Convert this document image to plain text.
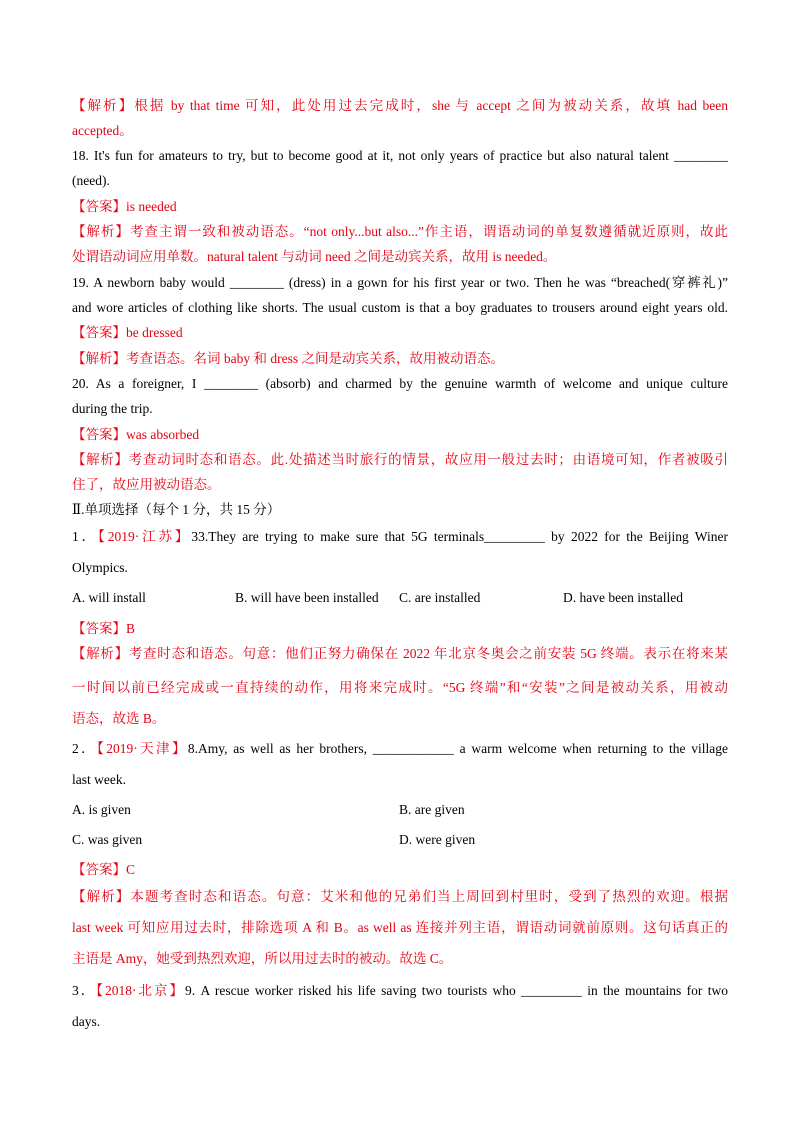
【解析】根据 by that time 可知，此处用过去完成时，she 与 accept 之间为被动关系，故填 had been
accepted。
18. It's fun for amateurs to try, but to become good at it, not only years of practice but also natural talent ________
(need).
【答案】is needed
【解析】考查主谓一致和被动语态。“not only...but also...”作主语，谓语动词的单复数遵循就近原则，故此
处谓语动词应用单数。natural talent 与动词 need 之间是动宾关系，故用 is needed。
19. A newborn baby would ________ (dress) in a gown for his first year or two. Then he was “breached(穿裤礼)”
and wore articles of clothing like shorts. The usual custom is that a boy graduates to trousers around eight years old.
【答案】be dressed
【解析】考查语态。名词 baby 和 dress 之间是动宾关系，故用被动语态。
20. As a foreigner, I ________ (absorb) and charmed by the genuine warmth of welcome and unique culture
during the trip.
【答案】was absorbed
【解析】考查动词时态和语态。此.处描述当时旅行的情景，故应用一般过去时；由语境可知，作者被吸引
住了，故应用被动语态。
Ⅱ.单项选择（每个 1 分，共 15 分）
1．【2019·江苏】33.They are trying to make sure that 5G terminals_________ by 2022 for the Beijing Winer
Olympics.
【答案】B
【解析】考查时态和语态。句意：他们正努力确保在 2022 年北京冬奥会之前安装 5G 终端。表示在将来某
一时间以前已经完成或一直持续的动作，用将来完成时。“5G 终端”和“安装”之间是被动关系，用被动
语态，故选 B。
2．【2019·天津】8.Amy, as well as her brothers, ____________ a warm welcome when returning to the village
last week.
【答案】C
【解析】本题考查时态和语态。句意：艾米和他的兄弟们当上周回到村里时，受到了热烈的欢迎。根据
last week 可知应用过去时，排除选项 A 和 B。as well as 连接并列主语，谓语动词就前原则。这句话真正的
主语是 Amy，她受到热烈欢迎，所以用过去时的被动。故选 C。
3．【2018·北京】9. A rescue worker risked his life saving two tourists who _________ in the mountains for two
days.
A. will install	B. will have been installed C. are installed	D. have been installed
A. is given	B. are given
C. was given	D. were given
